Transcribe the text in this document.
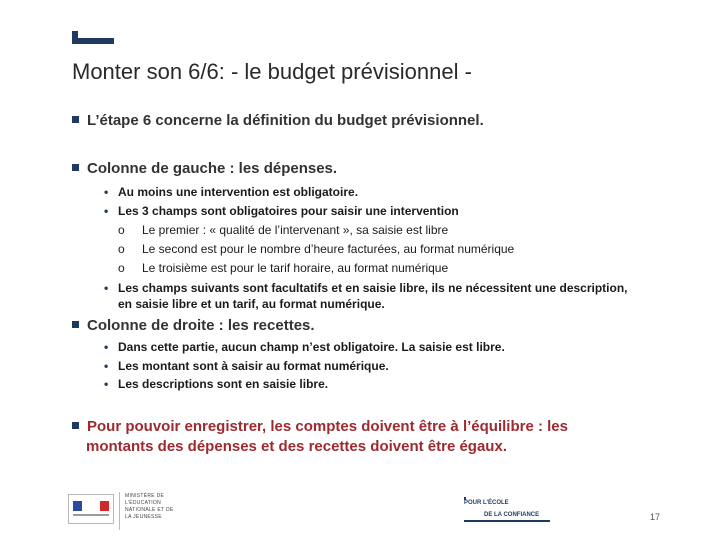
Monter son 6/6: - le budget prévisionnel -
L’étape 6 concerne la définition du budget prévisionnel.
Colonne de gauche : les dépenses.
• Au moins une intervention est obligatoire.
• Les 3 champs sont obligatoires pour saisir une intervention
o Le premier : « qualité de l’intervenant », sa saisie est libre
o Le second est pour le nombre d’heure facturées, au format numérique
o Le troisième est pour le tarif horaire, au format numérique
• Les champs suivants sont facultatifs et en saisie libre, ils ne nécessitent une description,
en saisie libre et un tarif, au format numérique.
Colonne de droite : les recettes.
• Dans cette partie, aucun champ n’est obligatoire. La saisie est libre.
• Les montant sont à saisir au format numérique.
• Les descriptions sont en saisie libre.
Pour pouvoir enregistrer, les comptes doivent être à l’équilibre : les
montants des dépenses et des recettes doivent être égaux.
MINISTÈRE DE L’ÉDUCATION NATIONALE ET DE LA JEUNESSE
POUR L’ÉCOLE
DE LA CONFIANCE	17
